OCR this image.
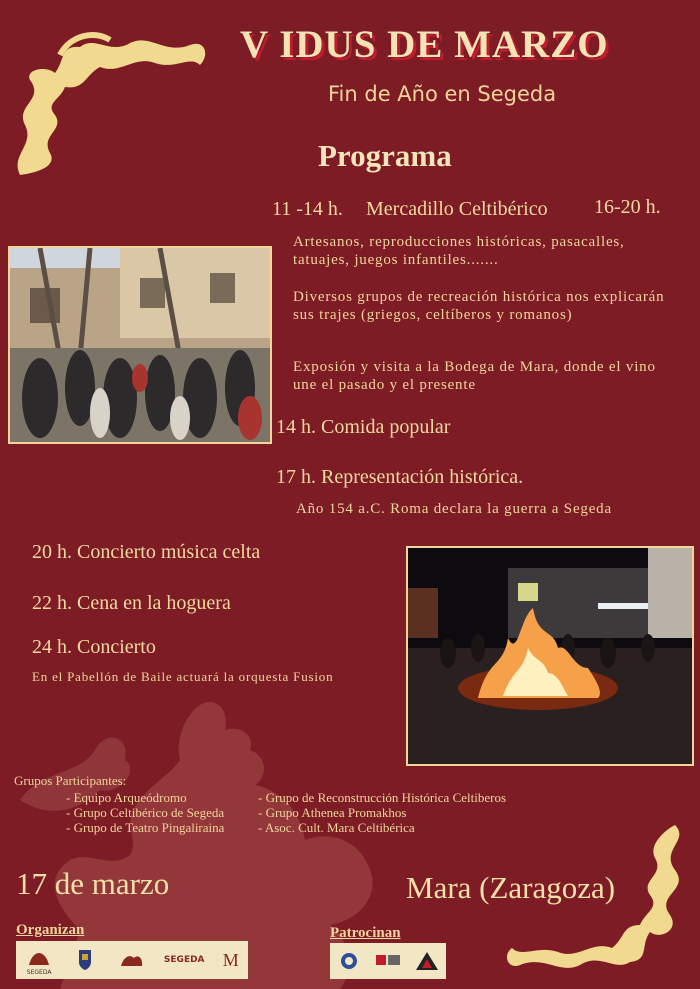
V IDUS DE MARZO
Fin de Año en Segeda
Programa
11 -14 h. Mercadillo Celtibérico 16-20 h.
Artesanos, reproducciones históricas, pasacalles, tatuajes, juegos infantiles.......
Diversos grupos de recreación histórica nos explicarán sus trajes (griegos, celtíberos y romanos)
Exposión y visita a la Bodega de Mara, donde el vino une el pasado y el presente
14 h. Comida popular
17 h. Representación histórica.
Año 154 a.C. Roma declara la guerra a Segeda
20 h. Concierto música celta
22 h. Cena en la hoguera
24 h. Concierto
En el Pabellón de Baile actuará la orquesta Fusion
Grupos Participantes:
- Equipo Arqueódromo
- Grupo Celtibérico de Segeda
- Grupo de Teatro Pingaliraina
- Grupo de Reconstrucción Histórica Celtiberos
- Grupo Athenea Promakhos
- Asoc. Cult. Mara Celtibérica
17 de marzo	Mara (Zaragoza)
Organizan	Patrocinan
SEGEDA
SEGEDA M
